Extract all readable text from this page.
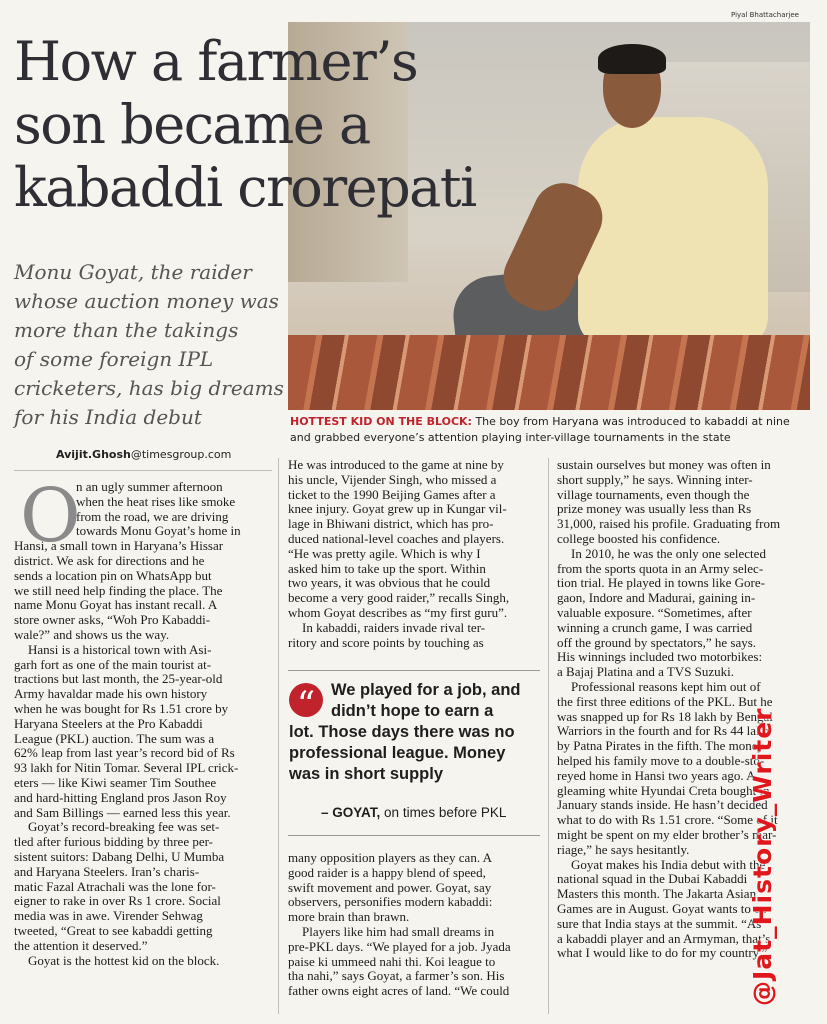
Piyal Bhattacharjee
How a farmer’s
son became a
kabaddi crorepati

Monu Goyat, the raider
whose auction money was
more than the takings
of some foreign IPL
cricketers, has big dreams
for his India debut	HOTTEST KID ON THE BLOCK: The boy from Haryana was introduced to kabaddi at nine
and grabbed everyone’s attention playing inter-village tournaments in the state
Avijit.Ghosh@timesgroup.com
O
n an ugly summer afternoon
when the heat rises like smoke
from the road, we are driving
towards Monu Goyat’s home in
Hansi, a small town in Haryana’s Hissar
district. We ask for directions and he
sends a location pin on WhatsApp but
we still need help finding the place. The
name Monu Goyat has instant recall. A
store owner asks, “Woh Pro Kabaddi-
wale?” and shows us the way.
Hansi is a historical town with Asi-
garh fort as one of the main tourist at-
tractions but last month, the 25-year-old
Army havaldar made his own history
when he was bought for Rs 1.51 crore by
Haryana Steelers at the Pro Kabaddi
League (PKL) auction. The sum was a
62% leap from last year’s record bid of Rs
93 lakh for Nitin Tomar. Several IPL crick-
eters — like Kiwi seamer Tim Southee
and hard-hitting England pros Jason Roy
and Sam Billings — earned less this year.
Goyat’s record-breaking fee was set-
tled after furious bidding by three per-
sistent suitors: Dabang Delhi, U Mumba
and Haryana Steelers. Iran’s charis-
matic Fazal Atrachali was the lone for-
eigner to rake in over Rs 1 crore. Social
media was in awe. Virender Sehwag
tweeted, “Great to see kabaddi getting
the attention it deserved.”
Goyat is the hottest kid on the block.
He was introduced to the game at nine by
his uncle, Vijender Singh, who missed a
ticket to the 1990 Beijing Games after a
knee injury. Goyat grew up in Kungar vil-
lage in Bhiwani district, which has pro-
duced national-level coaches and players.
“He was pretty agile. Which is why I
asked him to take up the sport. Within
two years, it was obvious that he could
become a very good raider,” recalls Singh,
whom Goyat describes as “my first guru”.
In kabaddi, raiders invade rival ter-
ritory and score points by touching as
“ We played for a job, and
didn’t hope to earn a
lot. Those days there was no
professional league. Money
was in short supply
– GOYAT, on times before PKL
many opposition players as they can. A
good raider is a happy blend of speed,
swift movement and power. Goyat, say
observers, personifies modern kabaddi:
more brain than brawn.
Players like him had small dreams in
pre-PKL days. “We played for a job. Jyada
paise ki ummeed nahi thi. Koi league to
tha nahi,” says Goyat, a farmer’s son. His
father owns eight acres of land. “We could
sustain ourselves but money was often in
short supply,” he says. Winning inter-
village tournaments, even though the
prize money was usually less than Rs
31,000, raised his profile. Graduating from
college boosted his confidence.
In 2010, he was the only one selected
from the sports quota in an Army selec-
tion trial. He played in towns like Gore-
gaon, Indore and Madurai, gaining in-
valuable exposure. “Sometimes, after
winning a crunch game, I was carried
off the ground by spectators,” he says.
His winnings included two motorbikes:
a Bajaj Platina and a TVS Suzuki.
Professional reasons kept him out of
the first three editions of the PKL. But he
was snapped up for Rs 18 lakh by Bengal
Warriors in the fourth and for Rs 44 lakh
by Patna Pirates in the fifth. The money
helped his family move to a double-sto-
reyed home in Hansi two years ago. A
gleaming white Hyundai Creta bought in
January stands inside. He hasn’t decided
what to do with Rs 1.51 crore. “Some of it
might be spent on my elder brother’s mar-
riage,” he says hesitantly.
Goyat makes his India debut with the
national squad in the Dubai Kabaddi
Masters this month. The Jakarta Asian
Games are in August. Goyat wants to en-
sure that India stays at the summit. “As
a kabaddi player and an Armyman, that’s
what I would like to do for my country.”
@Jat_History_Writer
